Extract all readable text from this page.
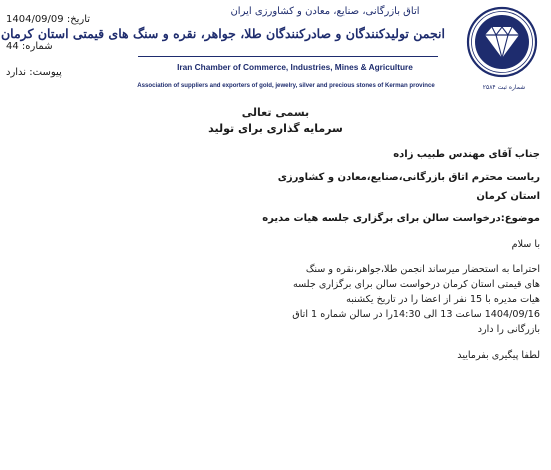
تاریخ: 1404/09/09
شماره: 44
پیوست: ندارد
اتاق بازرگانی، صنایع، معادن و کشاورزی ایران
انجمن تولیدکنندگان و صادرکنندگان طلا، جواهر، نقره و سنگ های قیمتی استان کرمان
Iran Chamber of Commerce, Industries, Mines & Agriculture
Association of suppliers and exporters of gold, jewelry, silver and precious stones of Kerman province	شماره ثبت ۲۵۸۴
بسمی تعالی
سرمایه گذاری برای تولید
جناب آقای مهندس طبیب زاده
ریاست محترم اتاق بازرگانی،صنایع،معادن و کشاورزی
استان کرمان
موضوع:درخواست سالن برای برگزاری جلسه هیات مدیره
با سلام
احتراما به استحضار میرساند انجمن طلا،جواهر،نقره و سنگ
های قیمتی استان کرمان درخواست سالن برای برگزاری جلسه
هیات مدیره با 15 نفر از اعضا را در تاریخ یکشنبه
1404/09/16 ساعت 13 الی 14:30را در سالن شماره 1 اتاق
بازرگانی را دارد
لطفا پیگیری بفرمایید
